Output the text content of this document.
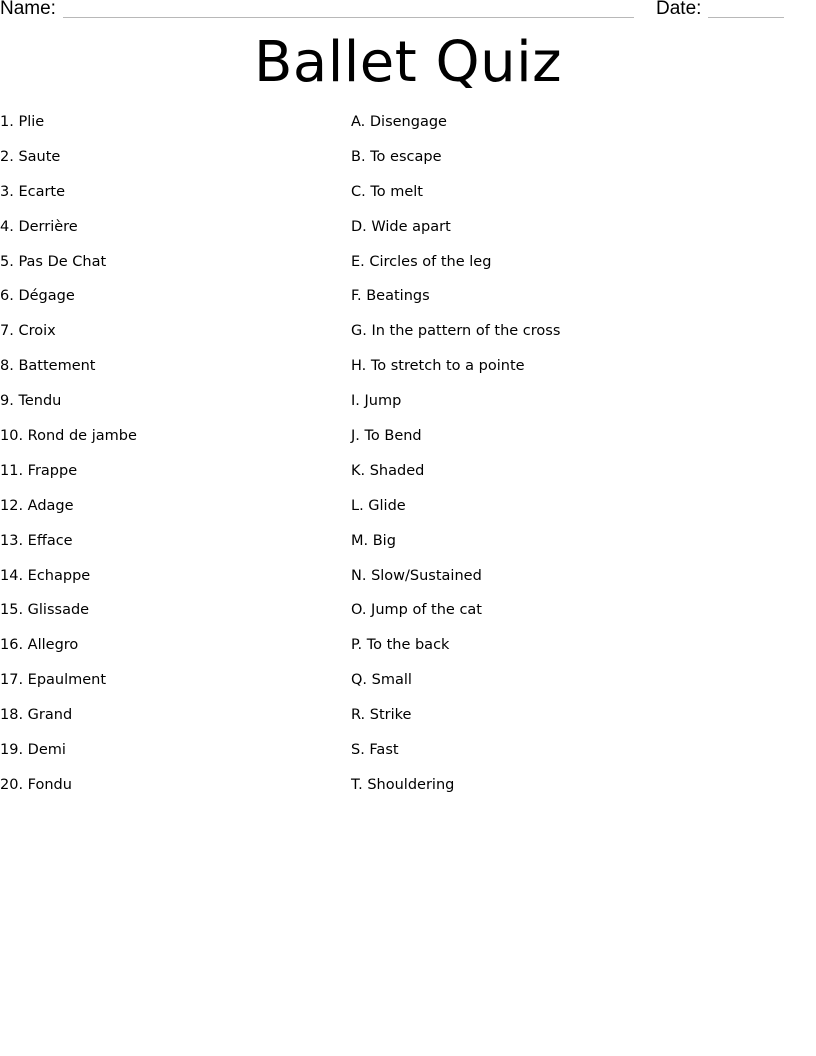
Name:	Date:
Ballet Quiz
1. Plie
2. Saute
3. Ecarte
4. Derrière
5. Pas De Chat
6. Dégage
7. Croix
8. Battement
9. Tendu
10. Rond de jambe
11. Frappe
12. Adage
13. Efface
14. Echappe
15. Glissade
16. Allegro
17. Epaulment
18. Grand
19. Demi
20. Fondu
A. Disengage
B. To escape
C. To melt
D. Wide apart
E. Circles of the leg
F. Beatings
G. In the pattern of the cross
H. To stretch to a pointe
I. Jump
J. To Bend
K. Shaded
L. Glide
M. Big
N. Slow/Sustained
O. Jump of the cat
P. To the back
Q. Small
R. Strike
S. Fast
T. Shouldering
